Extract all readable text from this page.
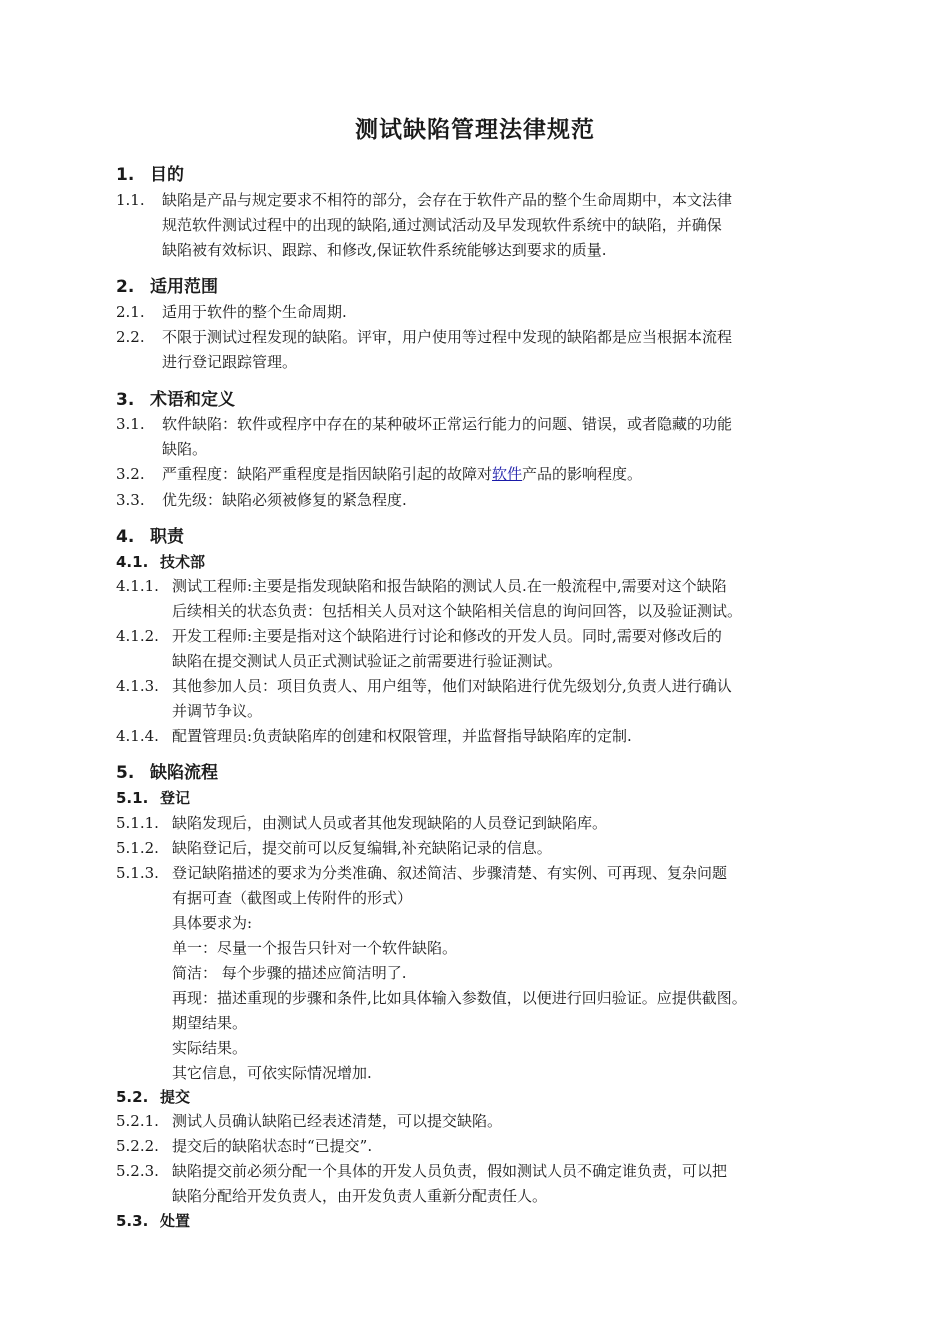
测试缺陷管理法律规范
1. 目的
1.1. 缺陷是产品与规定要求不相符的部分，会存在于软件产品的整个生命周期中，本文法律
规范软件测试过程中的出现的缺陷,通过测试活动及早发现软件系统中的缺陷，并确保
缺陷被有效标识、跟踪、和修改,保证软件系统能够达到要求的质量.
2. 适用范围
2.1. 适用于软件的整个生命周期.
2.2. 不限于测试过程发现的缺陷。评审，用户使用等过程中发现的缺陷都是应当根据本流程
进行登记跟踪管理。
3. 术语和定义
3.1. 软件缺陷：软件或程序中存在的某种破坏正常运行能力的问题、错误，或者隐藏的功能
缺陷。
3.2. 严重程度：缺陷严重程度是指因缺陷引起的故障对软件产品的影响程度。
3.3. 优先级：缺陷必须被修复的紧急程度.
4. 职责
4.1. 技术部
4.1.1. 测试工程师:主要是指发现缺陷和报告缺陷的测试人员.在一般流程中,需要对这个缺陷
后续相关的状态负责：包括相关人员对这个缺陷相关信息的询问回答，以及验证测试。
4.1.2. 开发工程师:主要是指对这个缺陷进行讨论和修改的开发人员。同时,需要对修改后的
缺陷在提交测试人员正式测试验证之前需要进行验证测试。
4.1.3. 其他参加人员：项目负责人、用户组等，他们对缺陷进行优先级划分,负责人进行确认
并调节争议。
4.1.4. 配置管理员:负责缺陷库的创建和权限管理，并监督指导缺陷库的定制.
5. 缺陷流程
5.1. 登记
5.1.1. 缺陷发现后，由测试人员或者其他发现缺陷的人员登记到缺陷库。
5.1.2. 缺陷登记后，提交前可以反复编辑,补充缺陷记录的信息。
5.1.3. 登记缺陷描述的要求为分类准确、叙述简洁、步骤清楚、有实例、可再现、复杂问题
有据可查（截图或上传附件的形式）
具体要求为:
单一：尽量一个报告只针对一个软件缺陷。
简洁： 每个步骤的描述应简洁明了.
再现：描述重现的步骤和条件,比如具体输入参数值，以便进行回归验证。应提供截图。
期望结果。
实际结果。
其它信息，可依实际情况增加.
5.2. 提交
5.2.1. 测试人员确认缺陷已经表述清楚，可以提交缺陷。
5.2.2. 提交后的缺陷状态时“已提交”.
5.2.3. 缺陷提交前必须分配一个具体的开发人员负责，假如测试人员不确定谁负责，可以把
缺陷分配给开发负责人，由开发负责人重新分配责任人。
5.3. 处置
